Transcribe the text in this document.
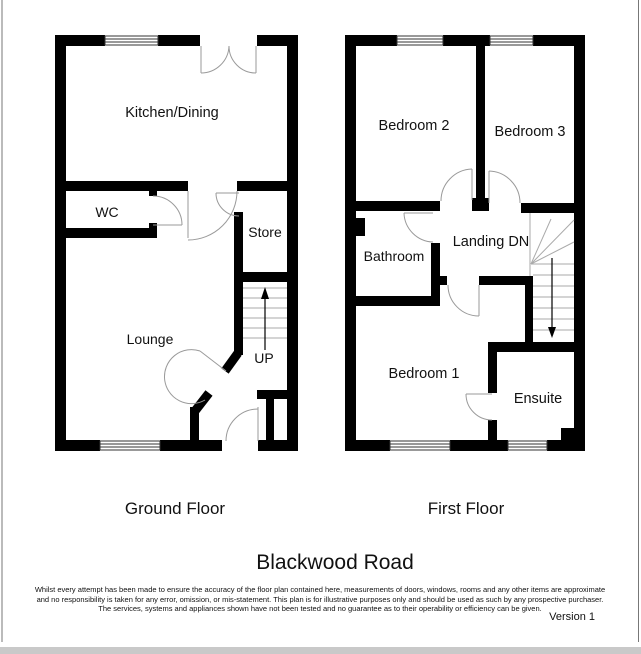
Kitchen/Dining
WC
Store
Lounge
UP
Bedroom 2	Bedroom 3
Bathroom
Landing DN
Bedroom 1
Ensuite
Ground Floor	First Floor
Blackwood Road
Whilst every attempt has been made to ensure the accuracy of the floor plan contained here, measurements of doors, windows, rooms and any other items are approximate
and no responsibility is taken for any error, omission, or mis-statement. This plan is for illustrative purposes only and should be used as such by any prospective purchaser.
The services, systems and appliances shown have not been tested and no guarantee as to their operability or efficiency can be given.
Version 1
